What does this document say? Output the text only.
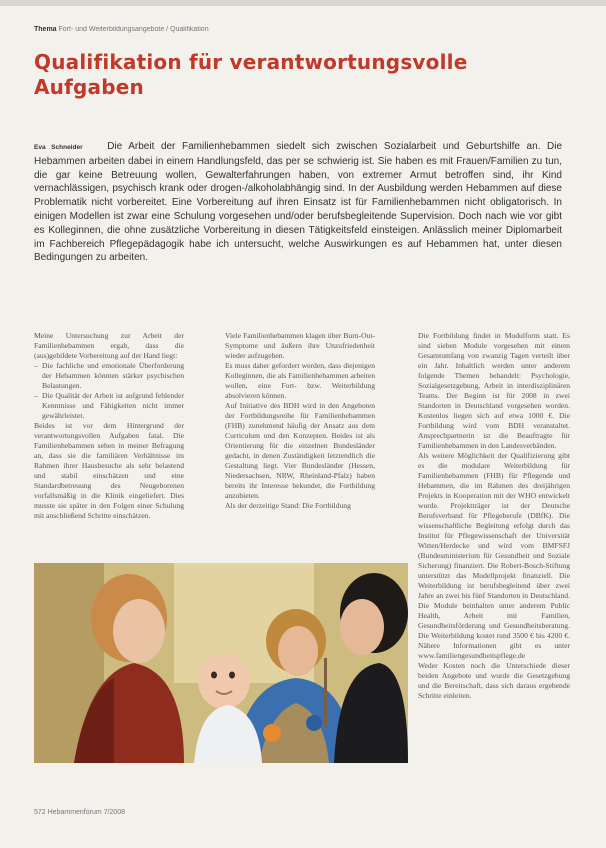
Thema Fort- und Weiterbildungsangebote / Qualifikation
Qualifikation für verantwortungsvolle Aufgaben

Eva Schneider Die Arbeit der Familienhebammen siedelt sich zwischen Sozialarbeit und Geburtshilfe an. Die Hebammen arbeiten dabei in einem Handlungsfeld, das per se schwierig ist. Sie haben es mit Frauen/Familien zu tun, die gar keine Betreuung wollen, Gewalterfahrungen haben, von extremer Armut betroffen sind, ihr Kind vernachlässigen, psychisch krank oder drogen-/alkoholabhängig sind. In der Ausbildung werden Hebammen auf diese Problematik nicht vorbereitet. Eine Vorbereitung auf ihren Einsatz ist für Familienhebammen nicht obligatorisch. In einigen Modellen ist zwar eine Schulung vorgesehen und/oder berufsbegleitende Supervision. Doch nach wie vor gibt es Kolleginnen, die ohne zusätzliche Vorbereitung in diesen Tätigkeitsfeld einsteigen. Anlässlich meiner Diplomarbeit im Fachbereich Pflegepädagogik habe ich untersucht, welche Auswirkungen es auf Hebammen hat, unter diesen Bedingungen zu arbeiten.

Meine Untersuchung zur Arbeit der Familienhebammen ergab, dass die (aus)gebildete Vorbereitung auf der Hand liegt:

– Die fachliche und emotionale Überforderung der Hebammen könnten stärker psychischen Belastungen.
– Die Qualität der Arbeit ist aufgrund fehlender Kenntnisse und Fähigkeiten nicht immer gewährleistet.

Beides ist vor dem Hintergrund der verantwortungsvollen Aufgaben fatal. Die Familienhebammen sehen in meiner Befragung an, dass sie die familiären Verhältnisse im Rahmen ihrer Hausbesuche als sehr belastend und stabil einschätzen und eine Standardbetreuung des Neugeborenen vorfallsmäßig in die Klinik eingeliefert. Dies musste sie später in den Folgen einer Schulung mit anschließend Schritte einschätzen.

Viele Familienhebammen klagen über Burn-Out-Symptome und äußern ihre Unzufriedenheit wieder aufzugeben.

Es muss daher gefordert werden, dass diejenigen Kolleginnen, die als Familienhebammen arbeiten wollen, eine Fort- bzw. Weiterbildung absolvieren können.

Auf Initiative des BDH wird in den Angeboten der Fortbildungsreihe für Familienhebammen (FHB) zunehmend häufig der Ansatz aus dem Curriculum und den Konzepten. Beides ist als Orientierung für die einzelnen Bundesländer gedacht, in denen Zuständigkeit letztendlich die Gestaltung liegt. Vier Bundesländer (Hessen, Niedersachsen, NRW, Rheinland-Pfalz) haben bereits ihr Interesse bekundet, die Fortbildung anzubieten.

Als der derzeitige Stand: Die Fortbildung

Die Fortbildung findet in Modulform statt. Es sind sieben Module vorgesehen mit einem Gesamtumfang von zwanzig Tagen verteilt über ein Jahr. Inhaltlich werden unter anderem folgende Themen behandelt: Psychologie, Sozialgesetzgebung, Arbeit in interdisziplinären Teams. Der Beginn ist für 2008 in zwei Standorten in Deutschland vorgesehen worden. Kostenlos liegen sich auf etwa 1000 €. Die Fortbildung wird vom BDH veranstaltet. Ansprechpartnerin ist die Beauftragte für Familienhebammen in den Landesverbänden.

Als weitere Möglichkeit der Qualifizierung gibt es die modulare Weiterbildung für Familienhebammen (FHB) für Pflegende und Hebammen, die im Rahmen des dreijährigen Projekts in Kooperation mit der WHO entwickelt wurde. Projektträger ist der Deutsche Berufsverband für Pflegeberufe (DBfK). Die wissenschaftliche Begleitung erfolgt durch das Institut für Pflegewissenschaft der Universität Witten/Herdecke und wird vom BMFSFJ (Bundesministerium für Gesundheit und Soziale Sicherung) finanziert. Die Robert-Bosch-Stiftung unterstützt das Modellprojekt finanziell. Die Weiterbildung ist berufsbegleitend über zwei Jahre an zwei bis fünf Standorten in Deutschland. Die Module beinhalten unter anderem Public Health, Arbeit mit Familien, Gesundheitsförderung und Gesundheitsberatung. Die Weiterbildung kostet rund 3500 € bis 4200 €. Nähere Informationen gibt es unter www.familiengesundheitspflege.de

Weder Kosten noch die Unterschiede dieser beiden Angebote und wurde die Gesetzgebung und die Bereitschaft, dass sich daraus ergebende Schritte einleiten.

572 Hebammenforum 7/2008
